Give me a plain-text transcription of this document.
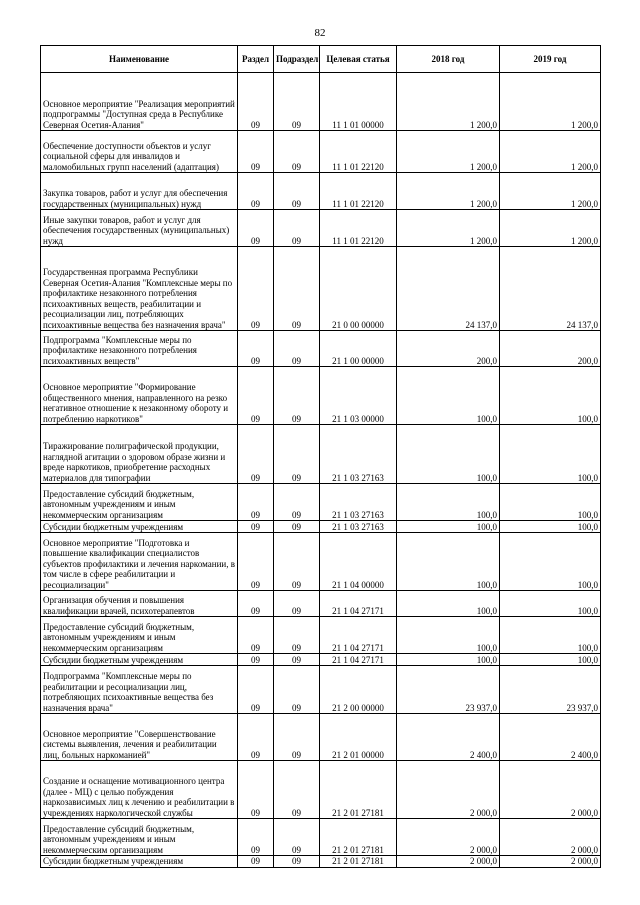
82
Наименование	Раздел	Подраздел	Целевая статья	2018 год	2019 год
Основное мероприятие "Реализация мероприятий подпрограммы "Доступная среда в Республике Северная Осетия-Алания"	09	09	11 1 01 00000	1 200,0	1 200,0
Обеспечение доступности объектов и услуг социальной сферы для инвалидов и маломобильных групп населений (адаптация)	09	09	11 1 01 22120	1 200,0	1 200,0
Закупка товаров, работ и услуг для обеспечения государственных (муниципальных) нужд	09	09	11 1 01 22120	1 200,0	1 200,0
Иные закупки товаров, работ и услуг для обеспечения государственных (муниципальных) нужд	09	09	11 1 01 22120	1 200,0	1 200,0
Государственная программа Республики Северная Осетия-Алания "Комплексные меры по профилактике незаконного потребления психоактивных веществ, реабилитации и ресоциализации лиц, потребляющих психоактивные вещества без назначения врача"	09	09	21 0 00 00000	24 137,0	24 137,0
Подпрограмма "Комплексные меры по профилактике незаконного потребления психоактивных веществ"	09	09	21 1 00 00000	200,0	200,0
Основное мероприятие "Формирование общественного мнения, направленного на резко негативное отношение к незаконному обороту и потреблению наркотиков"	09	09	21 1 03 00000	100,0	100,0
Тиражирование полиграфической продукции, наглядной агитации о здоровом образе жизни и вреде наркотиков, приобретение расходных материалов для типографии	09	09	21 1 03 27163	100,0	100,0
Предоставление субсидий бюджетным, автономным учреждениям и иным некоммерческим организациям	09	09	21 1 03 27163	100,0	100,0
Субсидии бюджетным учреждениям	09	09	21 1 03 27163	100,0	100,0
Основное мероприятие "Подготовка и повышение квалификации специалистов субъектов профилактики и лечения наркомании, в том числе в сфере реабилитации и ресоциализации"	09	09	21 1 04 00000	100,0	100,0
Организация обучения и повышения квалификации врачей, психотерапевтов	09	09	21 1 04 27171	100,0	100,0
Предоставление субсидий бюджетным, автономным учреждениям и иным некоммерческим организациям	09	09	21 1 04 27171	100,0	100,0
Субсидии бюджетным учреждениям	09	09	21 1 04 27171	100,0	100,0
Подпрограмма "Комплексные меры по реабилитации и ресоциализации лиц, потребляющих психоактивные вещества без назначения врача"	09	09	21 2 00 00000	23 937,0	23 937,0
Основное мероприятие "Совершенствование системы выявления, лечения и реабилитации лиц, больных наркоманией"	09	09	21 2 01 00000	2 400,0	2 400,0
Создание и оснащение мотивационного центра (далее - МЦ) с целью побуждения наркозависимых лиц к лечению и реабилитации в учреждениях наркологической службы	09	09	21 2 01 27181	2 000,0	2 000,0
Предоставление субсидий бюджетным, автономным учреждениям и иным некоммерческим организациям	09	09	21 2 01 27181	2 000,0	2 000,0
Субсидии бюджетным учреждениям	09	09	21 2 01 27181	2 000,0	2 000,0
